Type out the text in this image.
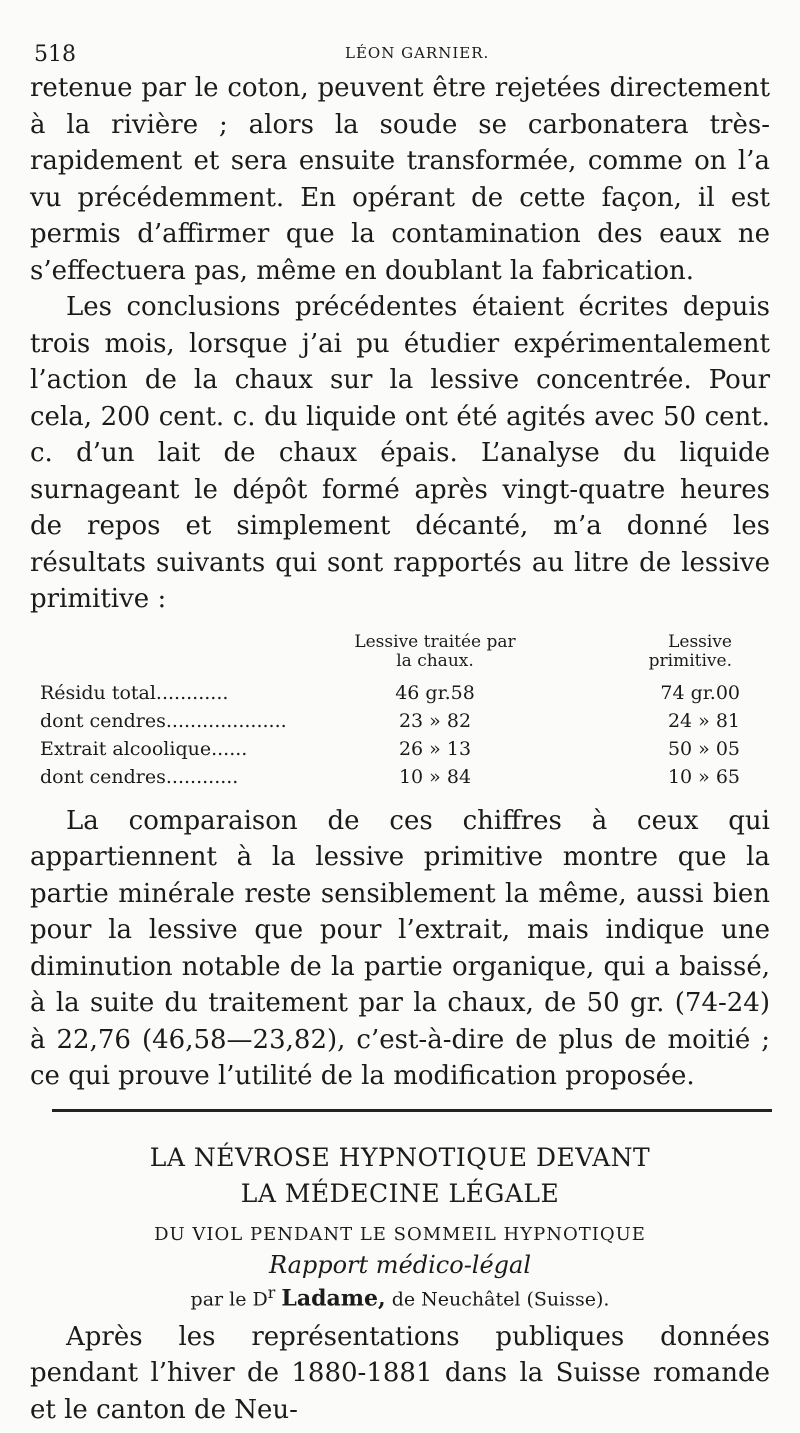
518	LÉON GARNIER.

retenue par le coton, peuvent être rejetées directement à la rivière ; alors la soude se carbonatera très-rapidement et sera ensuite transformée, comme on l’a vu précédemment. En opérant de cette façon, il est permis d’affirmer que la contamination des eaux ne s’effectuera pas, même en doublant la fabrication.

Les conclusions précédentes étaient écrites depuis trois mois, lorsque j’ai pu étudier expérimentalement l’action de la chaux sur la lessive concentrée. Pour cela, 200 cent. c. du liquide ont été agités avec 50 cent. c. d’un lait de chaux épais. L’analyse du liquide surnageant le dépôt formé après vingt-quatre heures de repos et simplement décanté, m’a donné les résultats suivants qui sont rapportés au litre de lessive primitive :

	Lessive traitée par
la chaux.	Lessive
primitive.
Résidu total............	46 gr.58	74 gr.00
dont cendres....................	23 » 82	24 » 81
Extrait alcoolique......	26 » 13	50 » 05
dont cendres............	10 » 84	10 » 65

La comparaison de ces chiffres à ceux qui appartiennent à la lessive primitive montre que la partie minérale reste sensiblement la même, aussi bien pour la lessive que pour l’extrait, mais indique une diminution notable de la partie organique, qui a baissé, à la suite du traitement par la chaux, de 50 gr. (74-24) à 22,76 (46,58—23,82), c’est-à-dire de plus de moitié ; ce qui prouve l’utilité de la modification proposée.

LA NÉVROSE HYPNOTIQUE DEVANT

LA MÉDECINE LÉGALE

DU VIOL PENDANT LE SOMMEIL HYPNOTIQUE

Rapport médico-légal

par le $D^r$ Ladame, de Neuchâtel (Suisse).

Après les représentations publiques données pendant l’hiver de 1880-1881 dans la Suisse romande et le canton de Neu-
